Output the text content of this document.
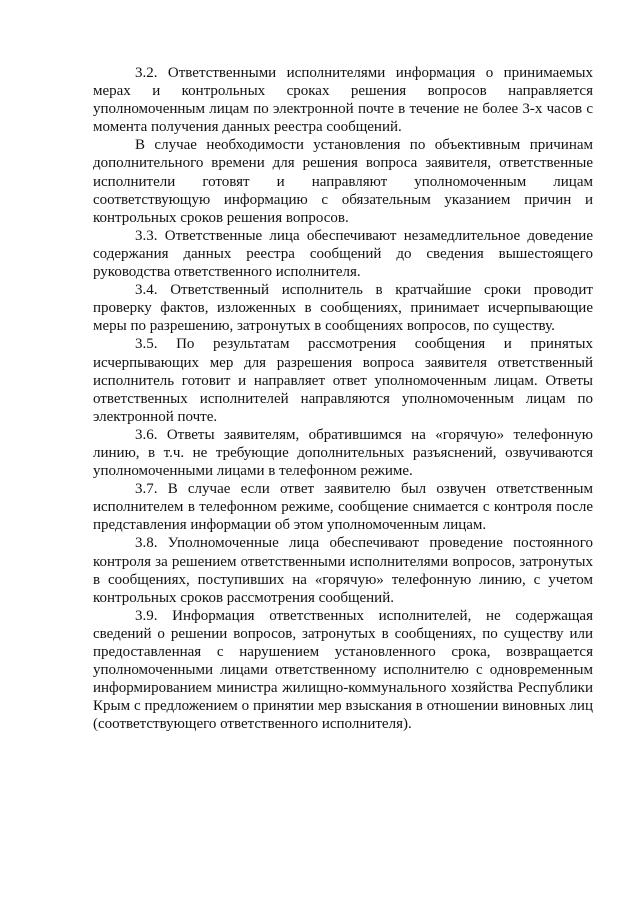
3.2. Ответственными исполнителями информация о принимаемых мерах и контрольных сроках решения вопросов направляется уполномоченным лицам по электронной почте в течение не более 3-х часов с момента получения данных реестра сообщений.

В случае необходимости установления по объективным причинам дополнительного времени для решения вопроса заявителя, ответственные исполнители готовят и направляют уполномоченным лицам соответствующую информацию с обязательным указанием причин и контрольных сроков решения вопросов.

3.3. Ответственные лица обеспечивают незамедлительное доведение содержания данных реестра сообщений до сведения вышестоящего руководства ответственного исполнителя.

3.4. Ответственный исполнитель в кратчайшие сроки проводит проверку фактов, изложенных в сообщениях, принимает исчерпывающие меры по разрешению, затронутых в сообщениях вопросов, по существу.

3.5. По результатам рассмотрения сообщения и принятых исчерпывающих мер для разрешения вопроса заявителя ответственный исполнитель готовит и направляет ответ уполномоченным лицам. Ответы ответственных исполнителей направляются уполномоченным лицам по электронной почте.

3.6. Ответы заявителям, обратившимся на «горячую» телефонную линию, в т.ч. не требующие дополнительных разъяснений, озвучиваются уполномоченными лицами в телефонном режиме.

3.7. В случае если ответ заявителю был озвучен ответственным исполнителем в телефонном режиме, сообщение снимается с контроля после представления информации об этом уполномоченным лицам.

3.8. Уполномоченные лица обеспечивают проведение постоянного контроля за решением ответственными исполнителями вопросов, затронутых в сообщениях, поступивших на «горячую» телефонную линию, с учетом контрольных сроков рассмотрения сообщений.

3.9. Информация ответственных исполнителей, не содержащая сведений о решении вопросов, затронутых в сообщениях, по существу или предоставленная с нарушением установленного срока, возвращается уполномоченными лицами ответственному исполнителю с одновременным информированием министра жилищно-коммунального хозяйства Республики Крым с предложением о принятии мер взыскания в отношении виновных лиц (соответствующего ответственного исполнителя).
